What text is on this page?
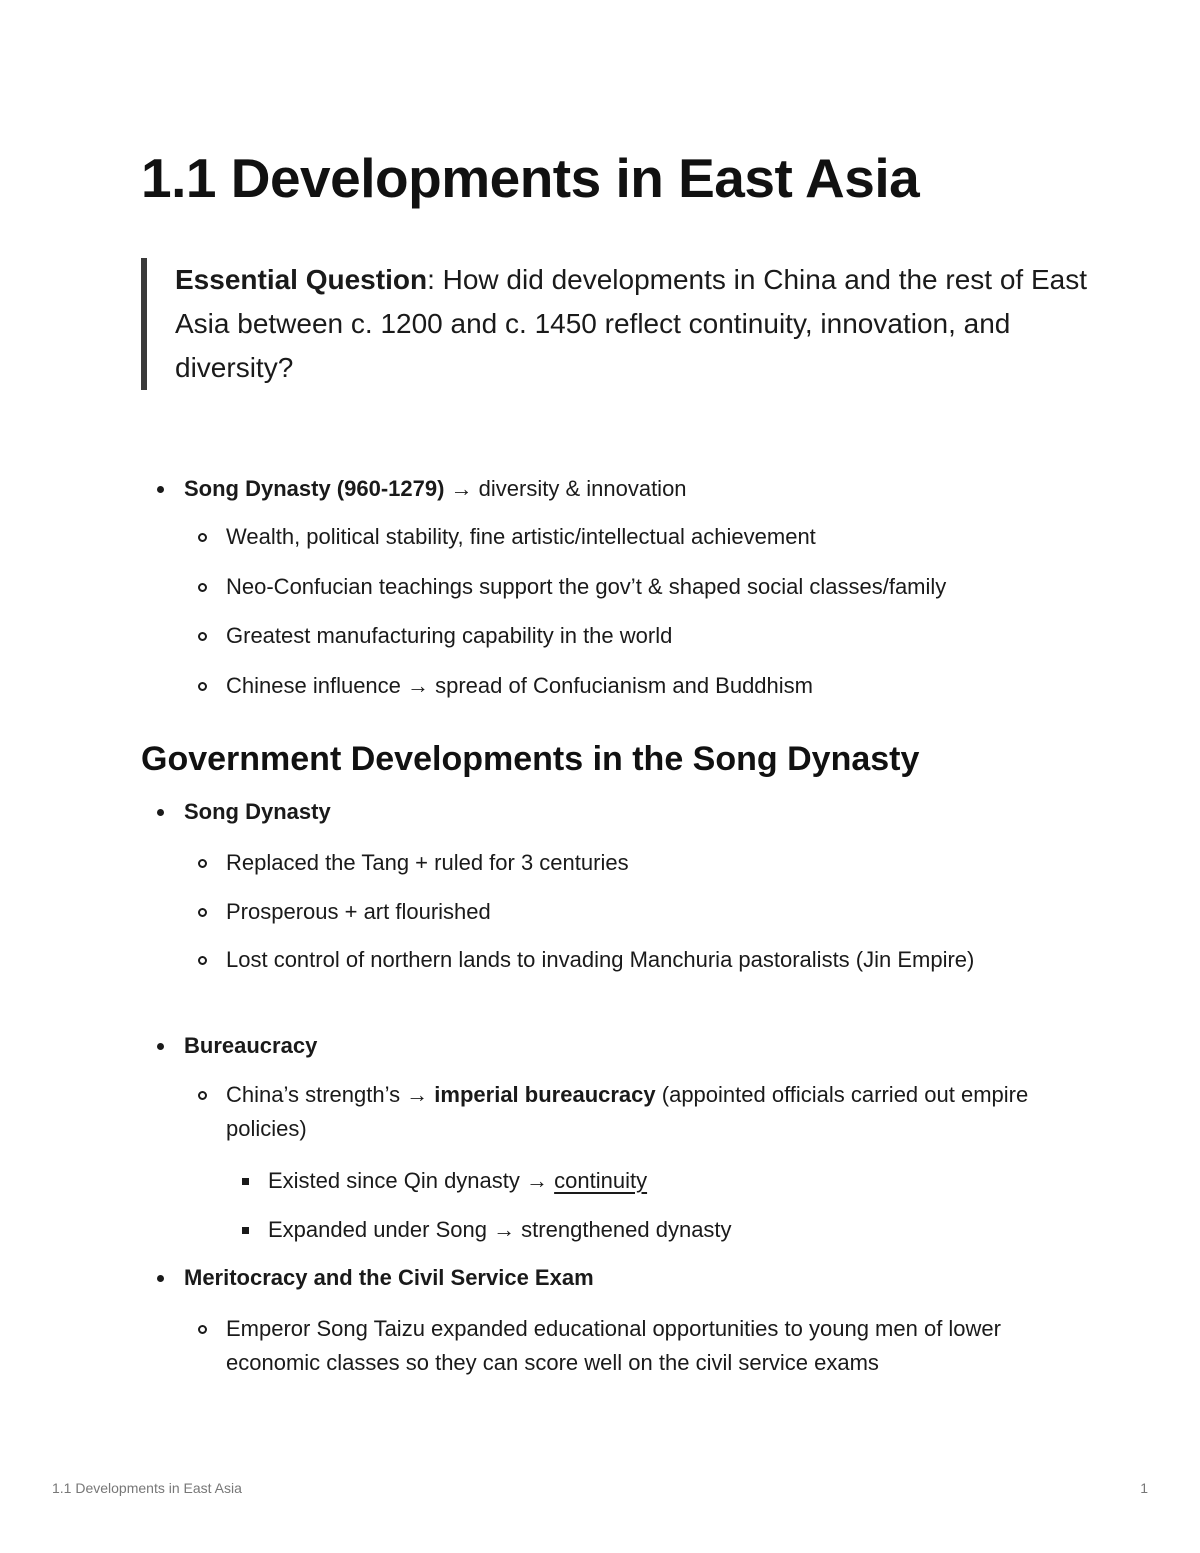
1.1 Developments in East Asia
Essential Question: How did developments in China and the rest of East Asia between c. 1200 and c. 1450 reflect continuity, innovation, and diversity?
Song Dynasty (960-1279) → diversity & innovation
Wealth, political stability, fine artistic/intellectual achievement
Neo-Confucian teachings support the gov’t & shaped social classes/family
Greatest manufacturing capability in the world
Chinese influence → spread of Confucianism and Buddhism
Government Developments in the Song Dynasty
Song Dynasty
Replaced the Tang + ruled for 3 centuries
Prosperous + art flourished
Lost control of northern lands to invading Manchuria pastoralists (Jin Empire)
Bureaucracy
China’s strength’s → imperial bureaucracy (appointed officials carried out empire policies)
Existed since Qin dynasty → continuity
Expanded under Song → strengthened dynasty
Meritocracy and the Civil Service Exam
Emperor Song Taizu expanded educational opportunities to young men of lower economic classes so they can score well on the civil service exams
1.1 Developments in East Asia	1
